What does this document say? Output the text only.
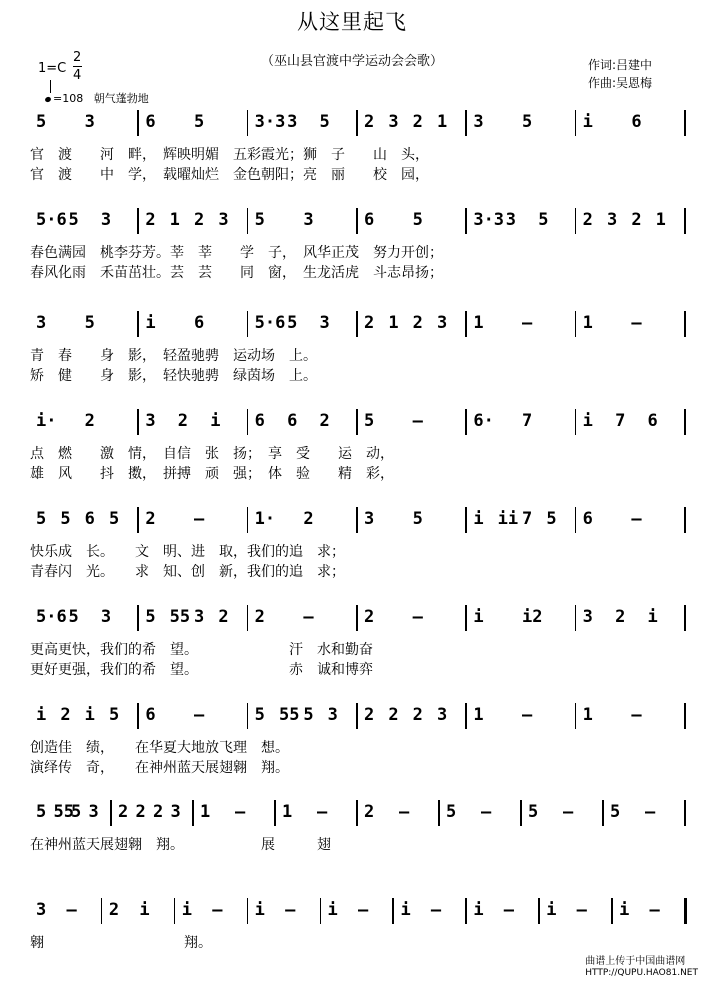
从这里起飞
（巫山县官渡中学运动会会歌）	作词:吕建中
作曲:吴恩梅
1=C
2
4
=108 朝气蓬勃地
5 3	6 5	3·3 3 5 2 3 2 1 3 5	i 6
官　渡　　河　畔，　辉映明媚　五彩霞光；狮　子　　山　头，
官　渡　　中　学，　载曜灿烂　金色朝阳；亮　丽　　校　园，
5·6 5 3 2 1 2 3 5 3	6 5	3·3 3 5 2 3 2 1
春色满园　桃李芬芳。莘　莘　　学　子，　风华正茂　努力开创；
春风化雨　禾苗茁壮。芸　芸　　同　窗，　生龙活虎　斗志昂扬；
3 5	i 6	5·6 5 3 2 1 2 3 1 –	1 –
青　春　　身　影，　轻盈驰骋　运动场　上。
矫　健　　身　影，　轻快驰骋　绿茵场　上。
i· 2	3 2 i 6 6 2 5 –	6· 7	i 7 6
点　燃　　激　情，　自信　张　扬；　享　受　　运　动，
雄　风　　抖　擞，　拼搏　顽　强；　体　验　　精　彩，
5 5 6 5 2 –	1· 2	3 5	i ii 7 5 6 –
快乐成　长。　　文　明、进　取，我们的追　求；
青春闪　光。　　求　知、创　新，我们的追　求；
5·6 5 3 5 55 3 2 2 –	2 –	i i2 3 2 i
更高更快，我们的希　望。　　　　　　　汗　水和勤奋
更好更强，我们的希　望。　　　　　　　赤　诚和博弈
i 2 i 5 6 –	5 55 5 3 2 2 2 3 1 –	1 –
创造佳　绩，　　在华夏大地放飞理　想。
演绎传　奇，　　在神州蓝天展翅翱　翔。
5 55
5 3 2 2 2 3 1 – 1 – 2 – 5 – 5 – 5 –
在神州蓝天展翅翱　翔。　　　　　　展　　　翅
3 – 2 i i – i – i – i – i – i – i –
翱　　　　　　　　　　翔。
曲谱上传于中国曲谱网
HTTP://QUPU.HAO81.NET
